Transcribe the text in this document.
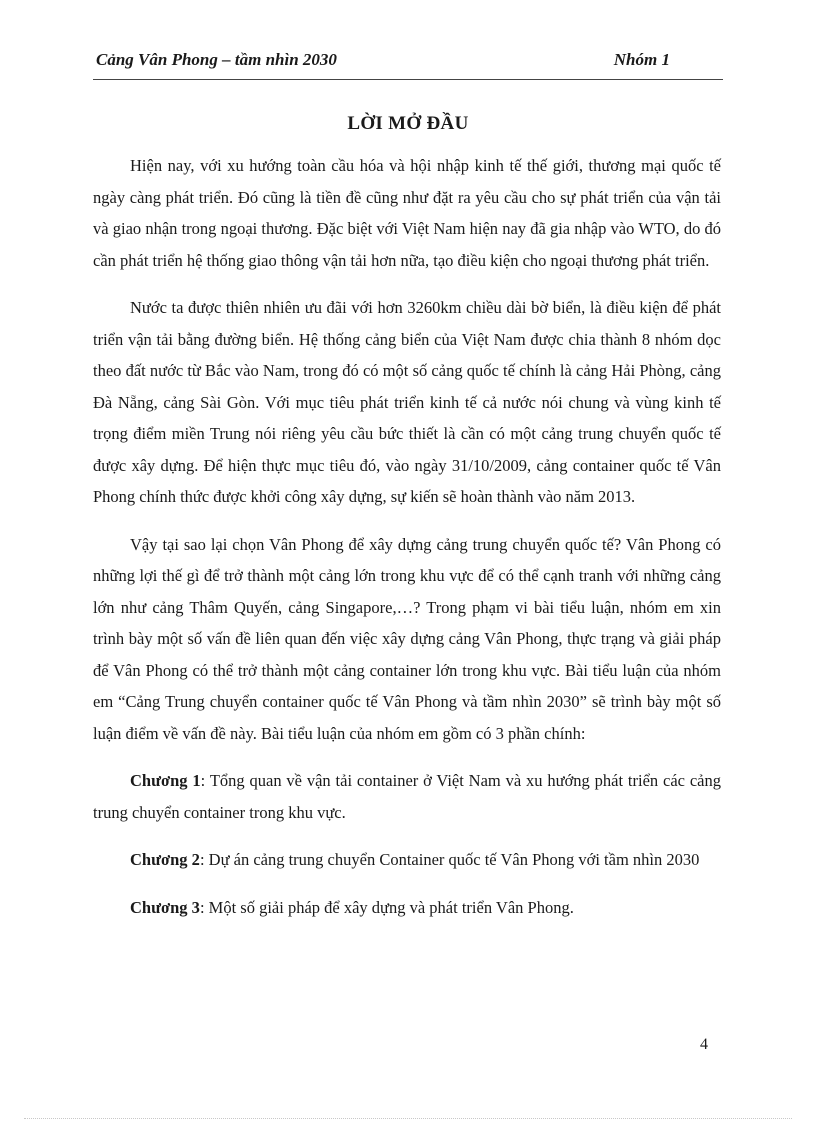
Cảng Vân Phong – tầm nhìn 2030	Nhóm 1
LỜI MỞ ĐẦU

Hiện nay, với xu hướng toàn cầu hóa và hội nhập kinh tế thế giới, thương mại quốc tế ngày càng phát triển. Đó cũng là tiền đề cũng như đặt ra yêu cầu cho sự phát triển của vận tải và giao nhận trong ngoại thương. Đặc biệt với Việt Nam hiện nay đã gia nhập vào WTO, do đó cần phát triển hệ thống giao thông vận tải hơn nữa, tạo điều kiện cho ngoại thương phát triển.

Nước ta được thiên nhiên ưu đãi với hơn 3260km chiều dài bờ biển, là điều kiện để phát triển vận tải bằng đường biển. Hệ thống cảng biển của Việt Nam được chia thành 8 nhóm dọc theo đất nước từ Bắc vào Nam, trong đó có một số cảng quốc tế chính là cảng Hải Phòng, cảng Đà Nẵng, cảng Sài Gòn. Với mục tiêu phát triển kinh tế cả nước nói chung và vùng kinh tế trọng điểm miền Trung nói riêng yêu cầu bức thiết là cần có một cảng trung chuyển quốc tế được xây dựng. Để hiện thực mục tiêu đó, vào ngày 31/10/2009, cảng container quốc tế Vân Phong chính thức được khởi công xây dựng, sự kiến sẽ hoàn thành vào năm 2013.

Vậy tại sao lại chọn Vân Phong để xây dựng cảng trung chuyển quốc tế? Vân Phong có những lợi thế gì để trở thành một cảng lớn trong khu vực để có thể cạnh tranh với những cảng lớn như cảng Thâm Quyến, cảng Singapore,…? Trong phạm vi bài tiểu luận, nhóm em xin trình bày một số vấn đề liên quan đến việc xây dựng cảng Vân Phong, thực trạng và giải pháp để Vân Phong có thể trở thành một cảng container lớn trong khu vực. Bài tiểu luận của nhóm em “Cảng Trung chuyển container quốc tế Vân Phong và tầm nhìn 2030” sẽ trình bày một số luận điểm về vấn đề này. Bài tiểu luận của nhóm em gồm có 3 phần chính:

Chương 1: Tổng quan về vận tải container ở Việt Nam và xu hướng phát triển các cảng trung chuyển container trong khu vực.

Chương 2: Dự án cảng trung chuyển Container quốc tế Vân Phong với tầm nhìn 2030

Chương 3: Một số giải pháp để xây dựng và phát triển Vân Phong.

4
